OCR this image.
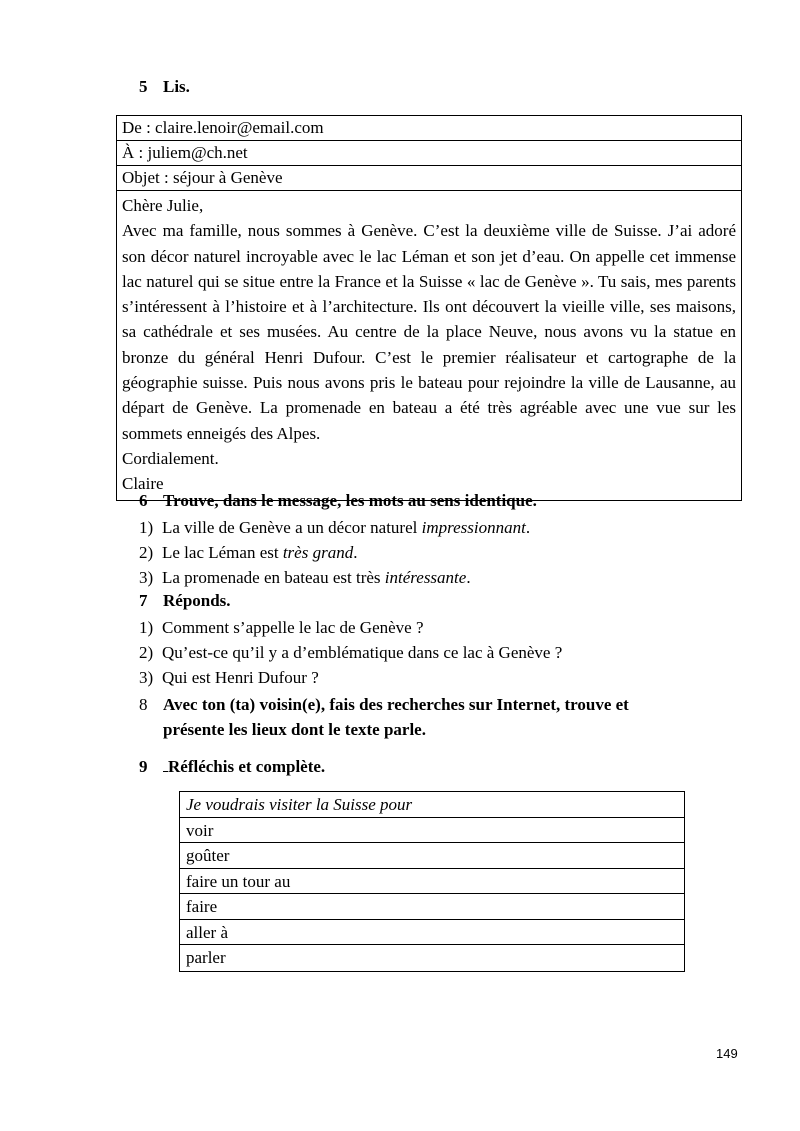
5 Lis.
De : claire.lenoir@email.com
À : juliem@ch.net
Objet : séjour à Genève

Chère Julie,

Avec ma famille, nous sommes à Genève. C’est la deuxième ville de Suisse. J’ai adoré son décor naturel incroyable avec le lac Léman et son jet d’eau. On appelle cet immense lac naturel qui se situe entre la France et la Suisse « lac de Genève ». Tu sais, mes parents s’intéressent à l’histoire et à l’architecture. Ils ont découvert la vieille ville, ses maisons, sa cathédrale et ses musées. Au centre de la place Neuve, nous avons vu la statue en bronze du général Henri Dufour. C’est le premier réalisateur et cartographe de la géographie suisse. Puis nous avons pris le bateau pour rejoindre la ville de Lausanne, au départ de Genève. La promenade en bateau a été très agréable avec une vue sur les sommets enneigés des Alpes.

Cordialement.

Claire

6 Trouve, dans le message, les mots au sens identique.
1) La ville de Genève a un décor naturel impressionnant.
2) Le lac Léman est très grand.
3) La promenade en bateau est très intéressante.
7 Réponds.
1) Comment s’appelle le lac de Genève ?
2) Qu’est-ce qu’il y a d’emblématique dans ce lac à Genève ?
3) Qui est Henri Dufour ?
8 Avec ton (ta) voisin(e), fais des recherches sur Internet, trouve et
présente les lieux dont le texte parle.
9 Réfléchis et complète.
Je voudrais visiter la Suisse pour
voir
goûter
faire un tour au
faire
aller à
parler
149
